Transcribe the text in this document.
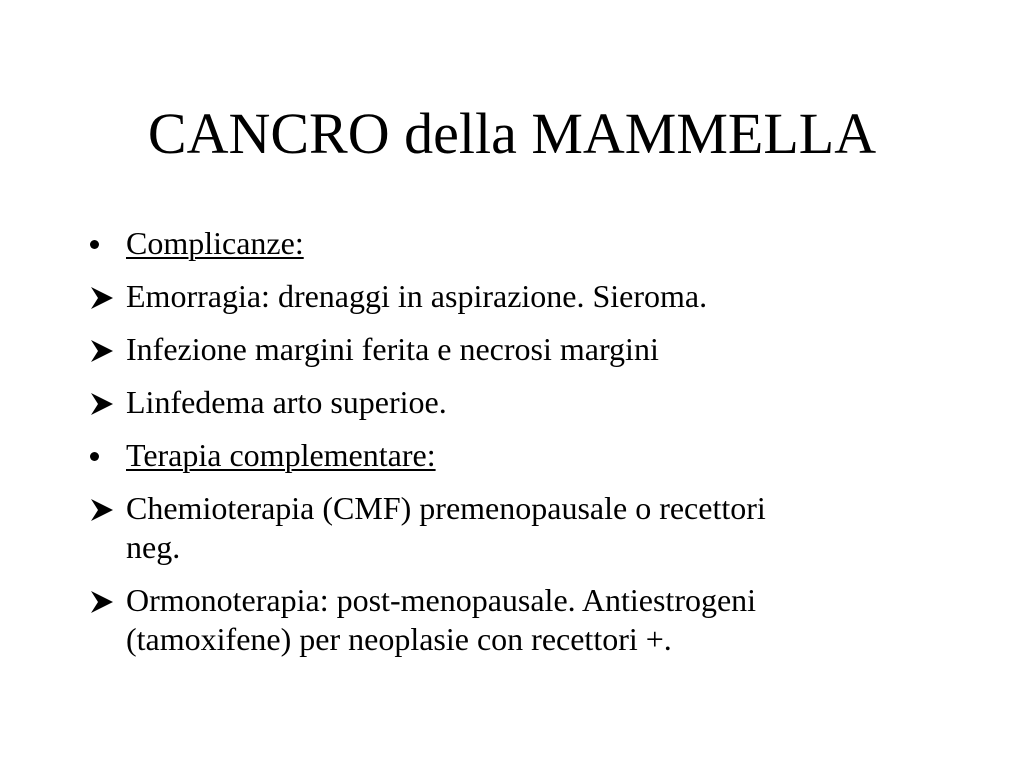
CANCRO della MAMMELLA
Complicanze:
Emorragia: drenaggi in aspirazione. Sieroma.
Infezione margini ferita e necrosi margini
Linfedema arto superioe.
Terapia complementare:
Chemioterapia (CMF) premenopausale o recettori
neg.
Ormonoterapia: post-menopausale. Antiestrogeni
(tamoxifene) per neoplasie con recettori +.
